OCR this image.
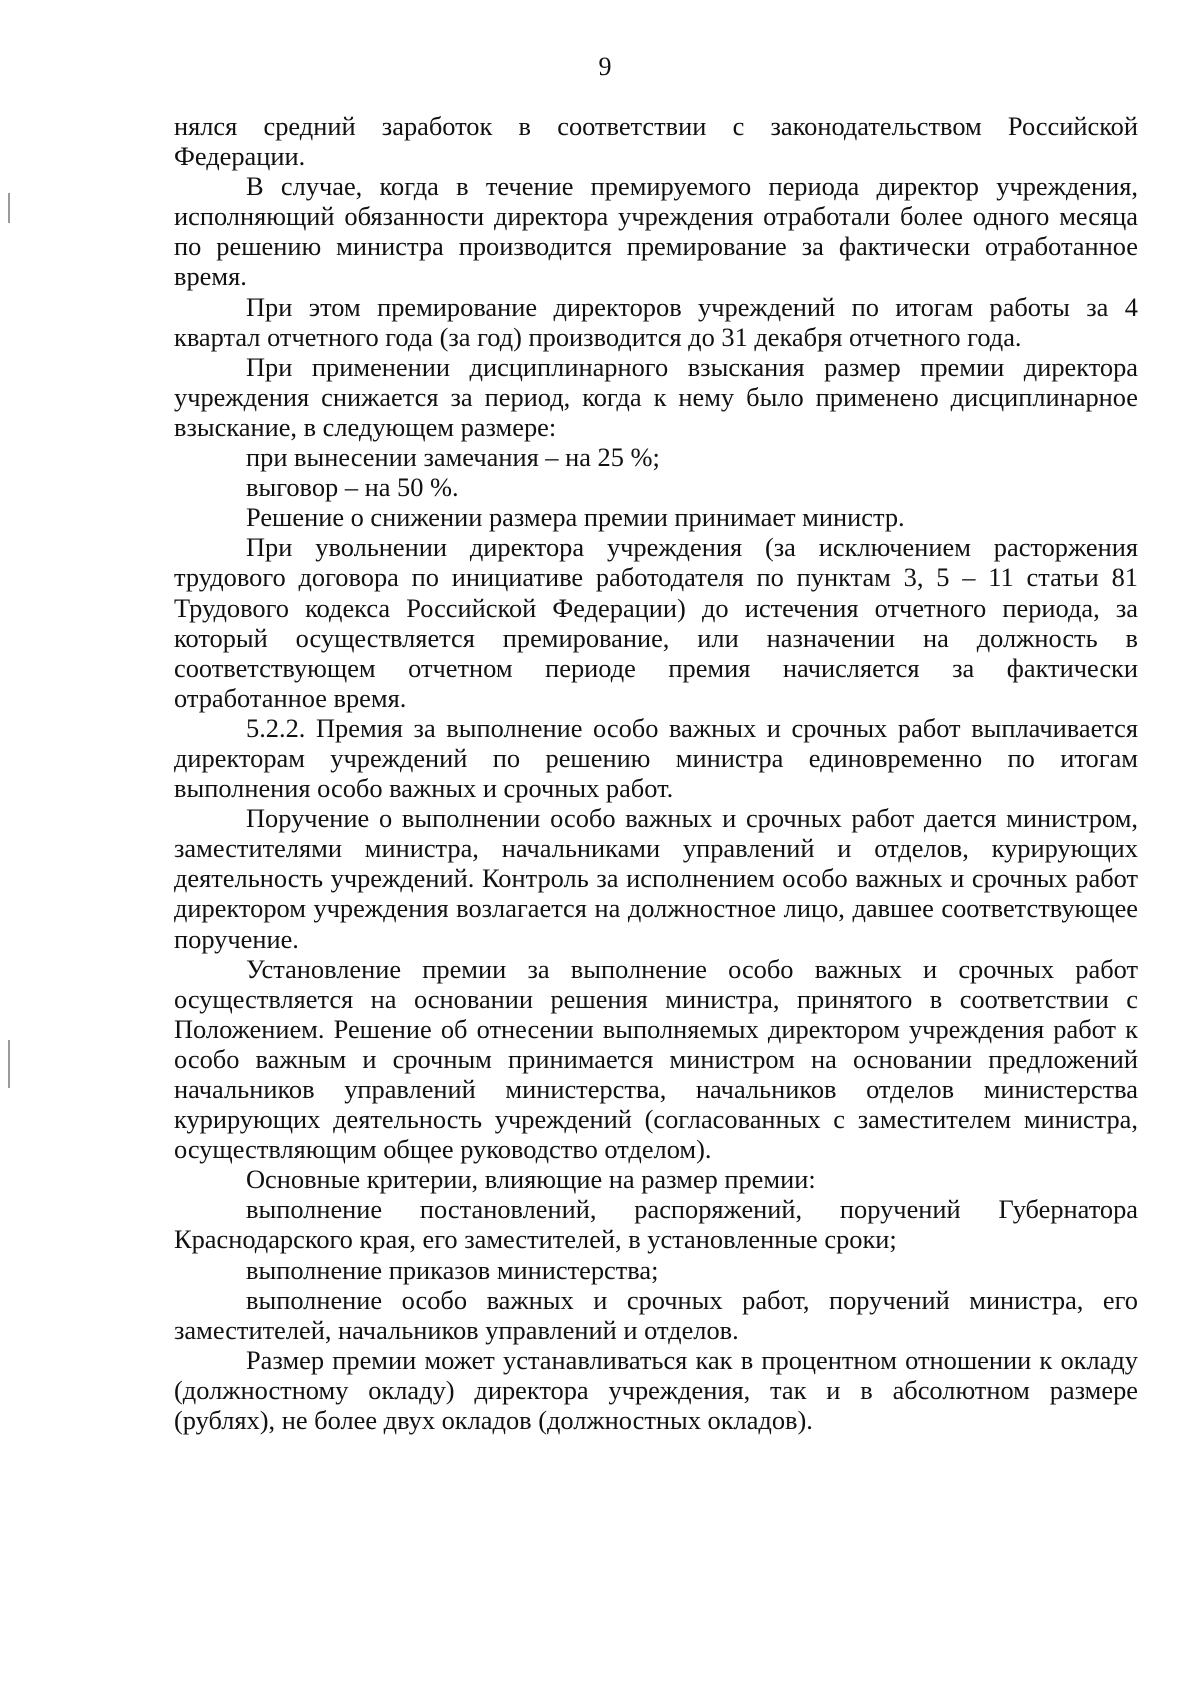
9

нялся средний заработок в соответствии с законодательством Российской Федерации.

В случае, когда в течение премируемого периода директор учреждения, исполняющий обязанности директора учреждения отработали более одного месяца по решению министра производится премирование за фактически отработанное время.

При этом премирование директоров учреждений по итогам работы за 4 квартал отчетного года (за год) производится до 31 декабря отчетного года.

При применении дисциплинарного взыскания размер премии директора учреждения снижается за период, когда к нему было применено дисциплинарное взыскание, в следующем размере:

при вынесении замечания – на 25 %;

выговор – на 50 %.

Решение о снижении размера премии принимает министр.

При увольнении директора учреждения (за исключением расторжения трудового договора по инициативе работодателя по пунктам 3, 5 – 11 статьи 81 Трудового кодекса Российской Федерации) до истечения отчетного периода, за который осуществляется премирование, или назначении на должность в соответствующем отчетном периоде премия начисляется за фактически отработанное время.

5.2.2. Премия за выполнение особо важных и срочных работ выплачивается директорам учреждений по решению министра единовременно по итогам выполнения особо важных и срочных работ.

Поручение о выполнении особо важных и срочных работ дается министром, заместителями министра, начальниками управлений и отделов, курирующих деятельность учреждений. Контроль за исполнением особо важных и срочных работ директором учреждения возлагается на должностное лицо, давшее соответствующее поручение.

Установление премии за выполнение особо важных и срочных работ осуществляется на основании решения министра, принятого в соответствии с Положением. Решение об отнесении выполняемых директором учреждения работ к особо важным и срочным принимается министром на основании предложений начальников управлений министерства, начальников отделов министерства курирующих деятельность учреждений (согласованных с заместителем министра, осуществляющим общее руководство отделом).

Основные критерии, влияющие на размер премии:

выполнение постановлений, распоряжений, поручений Губернатора Краснодарского края, его заместителей, в установленные сроки;

выполнение приказов министерства;

выполнение особо важных и срочных работ, поручений министра, его заместителей, начальников управлений и отделов.

Размер премии может устанавливаться как в процентном отношении к окладу (должностному окладу) директора учреждения, так и в абсолютном размере (рублях), не более двух окладов (должностных окладов).
